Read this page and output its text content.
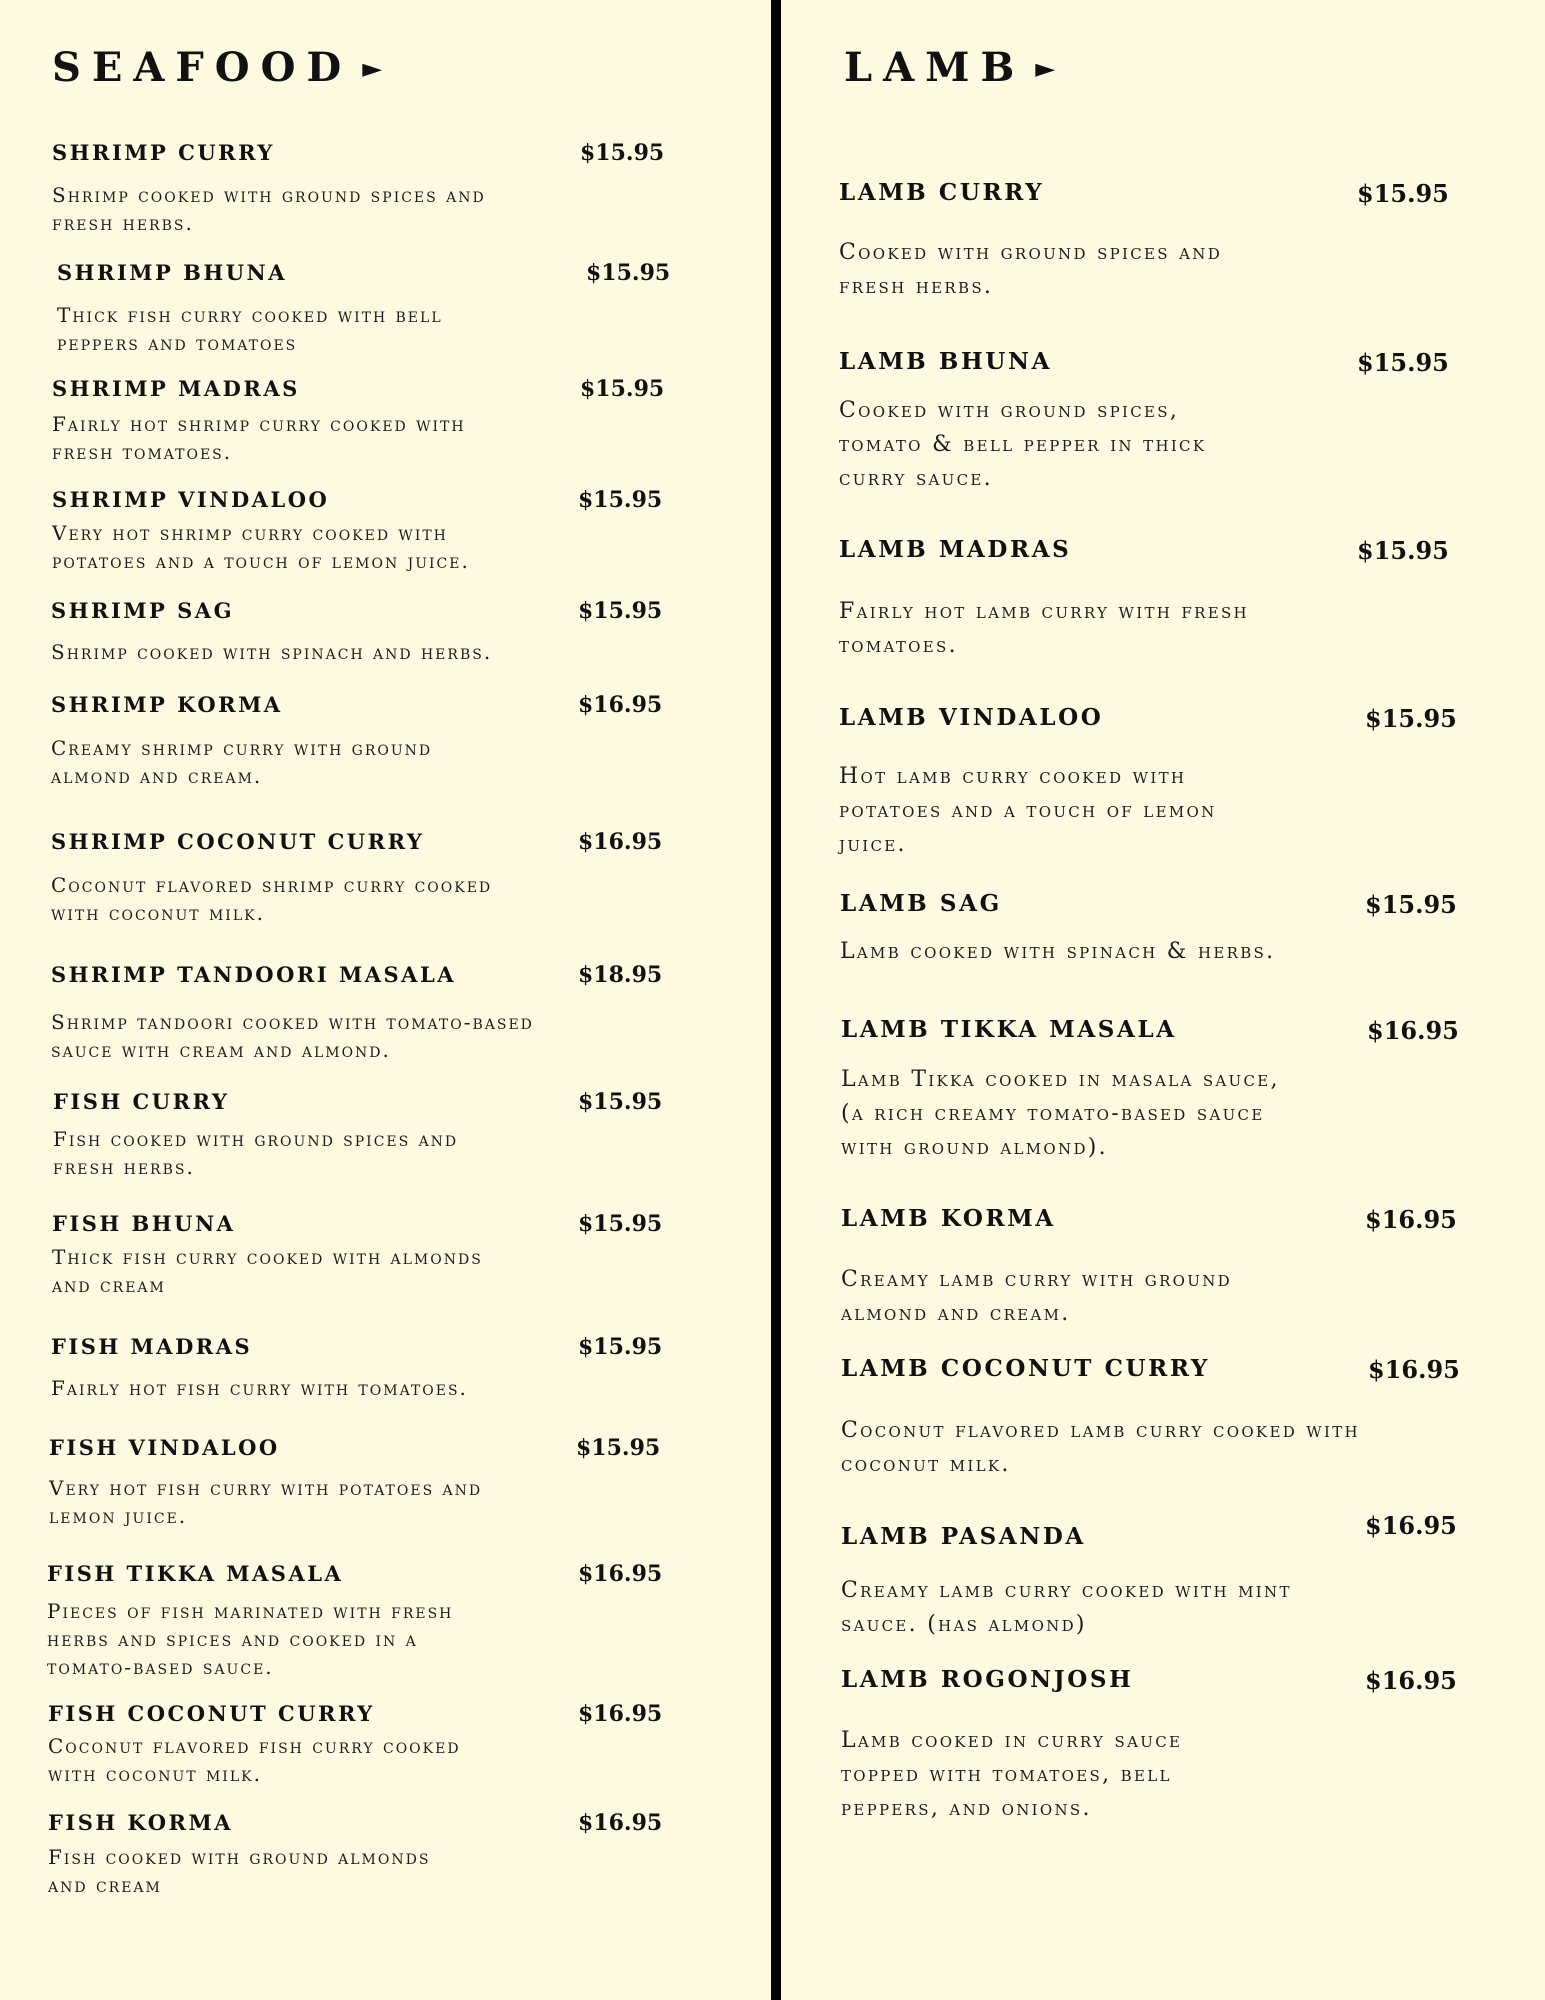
SEAFOOD ►
SHRIMP CURRY	$15.95
Shrimp cooked with ground spices and
fresh herbs.
SHRIMP BHUNA	$15.95
Thick fish curry cooked with bell
peppers and tomatoes
SHRIMP MADRAS	$15.95
Fairly hot shrimp curry cooked with
fresh tomatoes.
SHRIMP VINDALOO	$15.95
Very hot shrimp curry cooked with
potatoes and a touch of lemon juice.
SHRIMP SAG	$15.95
Shrimp cooked with spinach and herbs.
SHRIMP KORMA	$16.95
Creamy shrimp curry with ground
almond and cream.
SHRIMP COCONUT CURRY	$16.95
Coconut flavored shrimp curry cooked
with coconut milk.
SHRIMP TANDOORI MASALA	$18.95
Shrimp tandoori cooked with tomato-based
sauce with cream and almond.
FISH CURRY	$15.95
Fish cooked with ground spices and
fresh herbs.
FISH BHUNA	$15.95
Thick fish curry cooked with almonds
and cream
FISH MADRAS	$15.95
Fairly hot fish curry with tomatoes.
FISH VINDALOO	$15.95
Very hot fish curry with potatoes and
lemon juice.
FISH TIKKA MASALA	$16.95
Pieces of fish marinated with fresh
herbs and spices and cooked in a
tomato-based sauce.
FISH COCONUT CURRY	$16.95
Coconut flavored fish curry cooked
with coconut milk.
FISH KORMA	$16.95
Fish cooked with ground almonds
and cream
LAMB ►
LAMB CURRY	$15.95
Cooked with ground spices and
fresh herbs.
LAMB BHUNA	$15.95
Cooked with ground spices,
tomato & bell pepper in thick
curry sauce.
LAMB MADRAS	$15.95
Fairly hot lamb curry with fresh
tomatoes.
LAMB VINDALOO	$15.95
Hot lamb curry cooked with
potatoes and a touch of lemon
juice.
LAMB SAG	$15.95
Lamb cooked with spinach & herbs.
LAMB TIKKA MASALA	$16.95
Lamb Tikka cooked in masala sauce,
(a rich creamy tomato-based sauce
with ground almond).
LAMB KORMA	$16.95
Creamy lamb curry with ground
almond and cream.
LAMB COCONUT CURRY	$16.95
Coconut flavored lamb curry cooked with
coconut milk.
LAMB PASANDA	$16.95
Creamy lamb curry cooked with mint
sauce. (has almond)
LAMB ROGONJOSH	$16.95
Lamb cooked in curry sauce
topped with tomatoes, bell
peppers, and onions.
